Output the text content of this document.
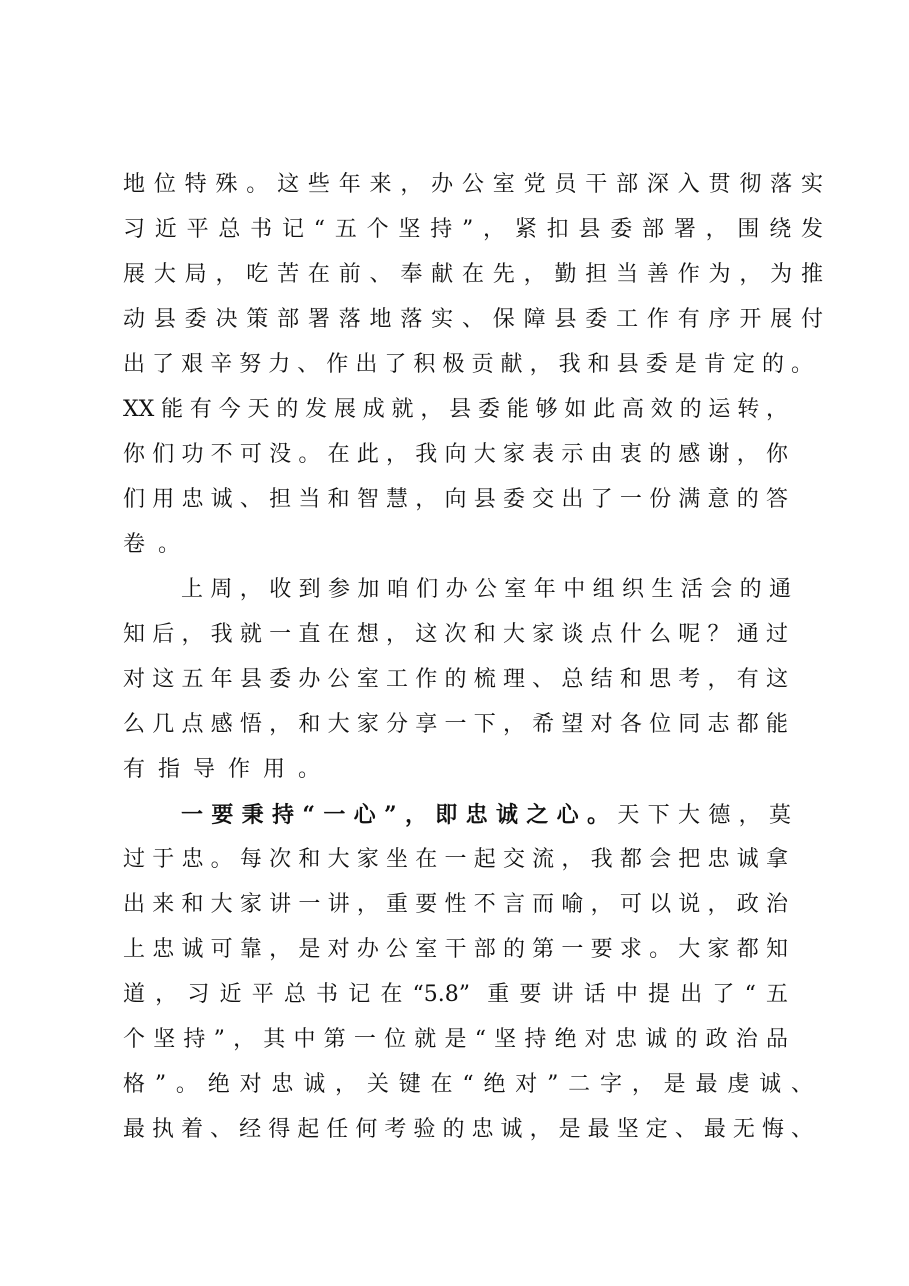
地位特殊。这些年来，办公室党员干部深入贯彻落实
习近平总书记“五个坚持”，紧扣县委部署，围绕发
展大局，吃苦在前、奉献在先，勤担当善作为，为推
动县委决策部署落地落实、保障县委工作有序开展付
出了艰辛努力、作出了积极贡献，我和县委是肯定的。
XX能有今天的发展成就，县委能够如此高效的运转，
你们功不可没。在此，我向大家表示由衷的感谢，你
们用忠诚、担当和智慧，向县委交出了一份满意的答
卷。
上周，收到参加咱们办公室年中组织生活会的通
知后，我就一直在想，这次和大家谈点什么呢？通过
对这五年县委办公室工作的梳理、总结和思考，有这
么几点感悟，和大家分享一下，希望对各位同志都能
有指导作用。
一要秉持“一心”，即忠诚之心。天下大德，莫
过于忠。每次和大家坐在一起交流，我都会把忠诚拿
出来和大家讲一讲，重要性不言而喻，可以说，政治
上忠诚可靠，是对办公室干部的第一要求。大家都知
道，习近平总书记在“5.8” 重要讲话中提出了“五
个坚持”，其中第一位就是“坚持绝对忠诚的政治品
格”。绝对忠诚，关键在“绝对”二字，是最虔诚、
最执着、经得起任何考验的忠诚，是最坚定、最无悔、
